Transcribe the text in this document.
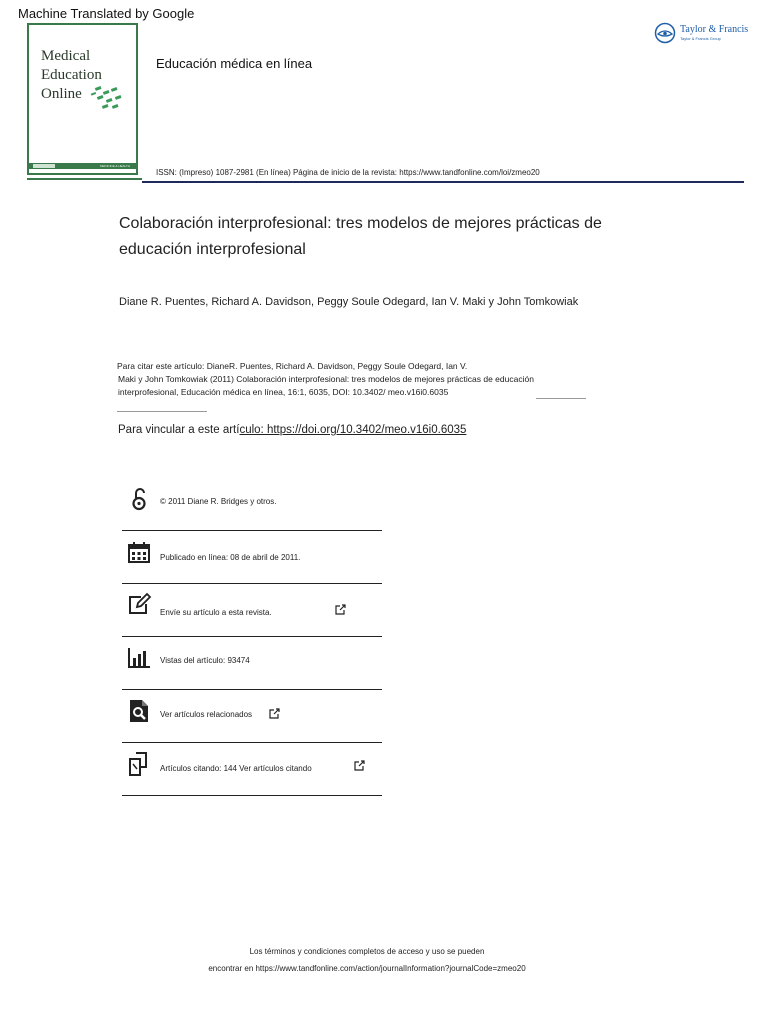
Machine Translated by Google
Medical
Education
Online
MEDICINE & HEALTH
Educación médica en línea
ISSN: (Impreso) 1087-2981 (En línea) Página de inicio de la revista: https://www.tandfonline.com/loi/zmeo20
Taylor & Francis
Taylor & Francis Group
Colaboración interprofesional: tres modelos de mejores prácticas de educación interprofesional
Diane R. Puentes, Richard A. Davidson, Peggy Soule Odegard, Ian V. Maki y John Tomkowiak
Para citar este artículo: DianeR. Puentes, Richard A. Davidson, Peggy Soule Odegard, Ian V.
Maki y John Tomkowiak (2011) Colaboración interprofesional: tres modelos de mejores prácticas de educación
interprofesional, Educación médica en línea, 16:1, 6035, DOI: 10.3402/ meo.v16i0.6035
Para vincular a este artículo: https://doi.org/10.3402/meo.v16i0.6035
© 2011 Diane R. Bridges y otros.
Publicado en línea: 08 de abril de 2011.
Envíe su artículo a esta revista.
Vistas del artículo: 93474
Ver artículos relacionados
Artículos citando: 144 Ver artículos citando
Los términos y condiciones completos de acceso y uso se pueden
encontrar en https://www.tandfonline.com/action/journalInformation?journalCode=zmeo20
